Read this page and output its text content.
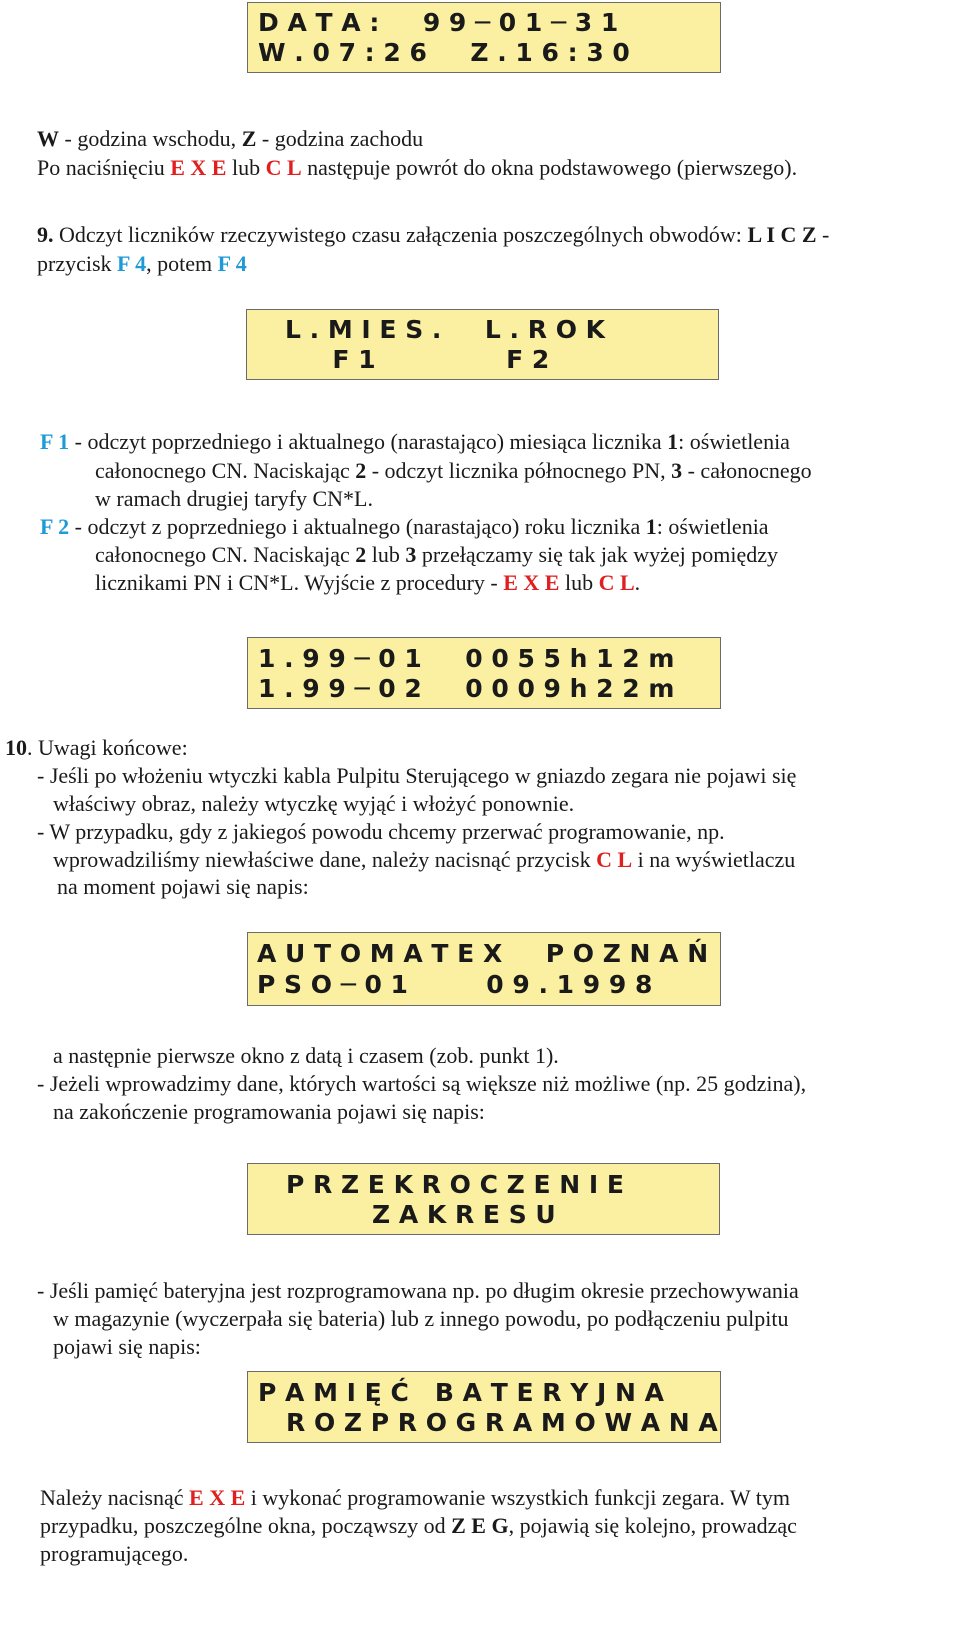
D A T A :     9 9 ─ 0 1 ─ 3 1
W . 0 7 : 2 6     Z . 1 6 : 3 0
W - godzina wschodu, Z - godzina zachodu
Po naciśnięciu E X E lub C L następuje powrót do okna podstawowego (pierwszego).
9. Odczyt liczników rzeczywistego czasu załączenia poszczególnych obwodów: L I C Z -
przycisk F 4, potem F 4
L . M I E S .     L . R O K
F 1               F 2
F 1 - odczyt poprzedniego i aktualnego (narastająco) miesiąca licznika 1: oświetlenia
całonocnego CN. Naciskając 2 - odczyt licznika północnego PN, 3 - całonocnego
w ramach drugiej taryfy CN*L.
F 2 - odczyt z poprzedniego i aktualnego (narastająco) roku licznika 1: oświetlenia
całonocnego CN. Naciskając 2 lub 3 przełączamy się tak jak wyżej pomiędzy
licznikami PN i CN*L. Wyjście z procedury - E X E lub C L.
1 . 9 9 ─ 0 1     0 0 5 5 h 1 2 m
1 . 9 9 ─ 0 2     0 0 0 9 h 2 2 m
10. Uwagi końcowe:
- Jeśli po włożeniu wtyczki kabla Pulpitu Sterującego w gniazdo zegara nie pojawi się
właściwy obraz, należy wtyczkę wyjąć i włożyć ponownie.
- W przypadku, gdy z jakiegoś powodu chcemy przerwać programowanie, np.
wprowadziliśmy niewłaściwe dane, należy nacisnąć przycisk C L i na wyświetlaczu
na moment pojawi się napis:
A U T O M A T E X     P O Z N A Ń
P S O ─ 0 1         0 9 . 1 9 9 8
a następnie pierwsze okno z datą i czasem (zob. punkt 1).
- Jeżeli wprowadzimy dane, których wartości są większe niż możliwe (np. 25 godzina),
na zakończenie programowania pojawi się napis:
P R Z E K R O C Z E N I E
Z A K R E S U
- Jeśli pamięć bateryjna jest rozprogramowana np. po długim okresie przechowywania
w magazynie (wyczerpała się bateria) lub z innego powodu, po podłączeniu pulpitu
pojawi się napis:
P A M I Ę Ć   B A T E R Y J N A
R O Z P R O G R A M O W A N A
Należy nacisnąć E X E i wykonać programowanie wszystkich funkcji zegara. W tym
przypadku, poszczególne okna, począwszy od Z E G, pojawią się kolejno, prowadząc
programującego.
